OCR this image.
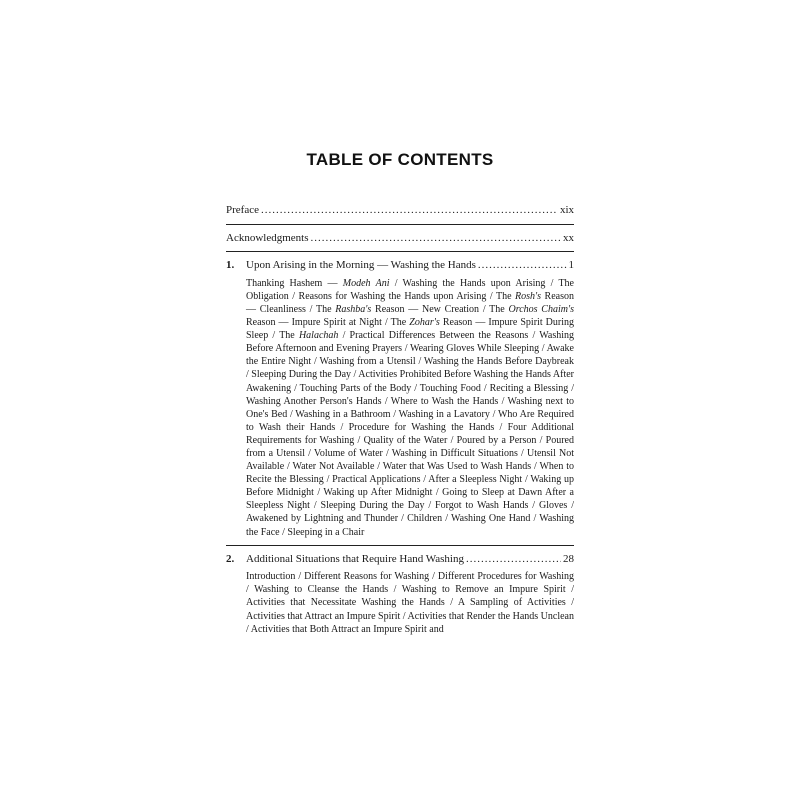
TABLE OF CONTENTS
Preface .....	xix
Acknowledgments .....	xx
1.	Upon Arising in the Morning — Washing the Hands .....	1
Thanking Hashem — Modeh Ani / Washing the Hands upon Arising / The Obligation / Reasons for Washing the Hands upon Arising / The Rosh's Reason — Cleanliness / The Rashba's Reason — New Creation / The Orchos Chaim's Reason — Impure Spirit at Night / The Zohar's Reason — Impure Spirit During Sleep / The Halachah / Practical Differences Between the Reasons / Washing Before Afternoon and Evening Prayers / Wearing Gloves While Sleeping / Awake the Entire Night / Washing from a Utensil / Washing the Hands Before Daybreak / Sleeping During the Day / Activities Prohibited Before Washing the Hands After Awakening / Touching Parts of the Body / Touching Food / Reciting a Blessing / Washing Another Person's Hands / Where to Wash the Hands / Washing next to One's Bed / Washing in a Bathroom / Washing in a Lavatory / Who Are Required to Wash their Hands / Procedure for Washing the Hands / Four Additional Requirements for Washing / Quality of the Water / Poured by a Person / Poured from a Utensil / Volume of Water / Washing in Difficult Situations / Utensil Not Available / Water Not Available / Water that Was Used to Wash Hands / When to Recite the Blessing / Practical Applications / After a Sleepless Night / Waking up Before Midnight / Waking up After Midnight / Going to Sleep at Dawn After a Sleepless Night / Sleeping During the Day / Forgot to Wash Hands / Gloves / Awakened by Lightning and Thunder / Children / Washing One Hand / Washing the Face / Sleeping in a Chair
2.	Additional Situations that Require Hand Washing .....	28
Introduction / Different Reasons for Washing / Different Procedures for Washing / Washing to Cleanse the Hands / Washing to Remove an Impure Spirit / Activities that Necessitate Washing the Hands / A Sampling of Activities / Activities that Attract an Impure Spirit / Activities that Render the Hands Unclean / Activities that Both Attract an Impure Spirit and
